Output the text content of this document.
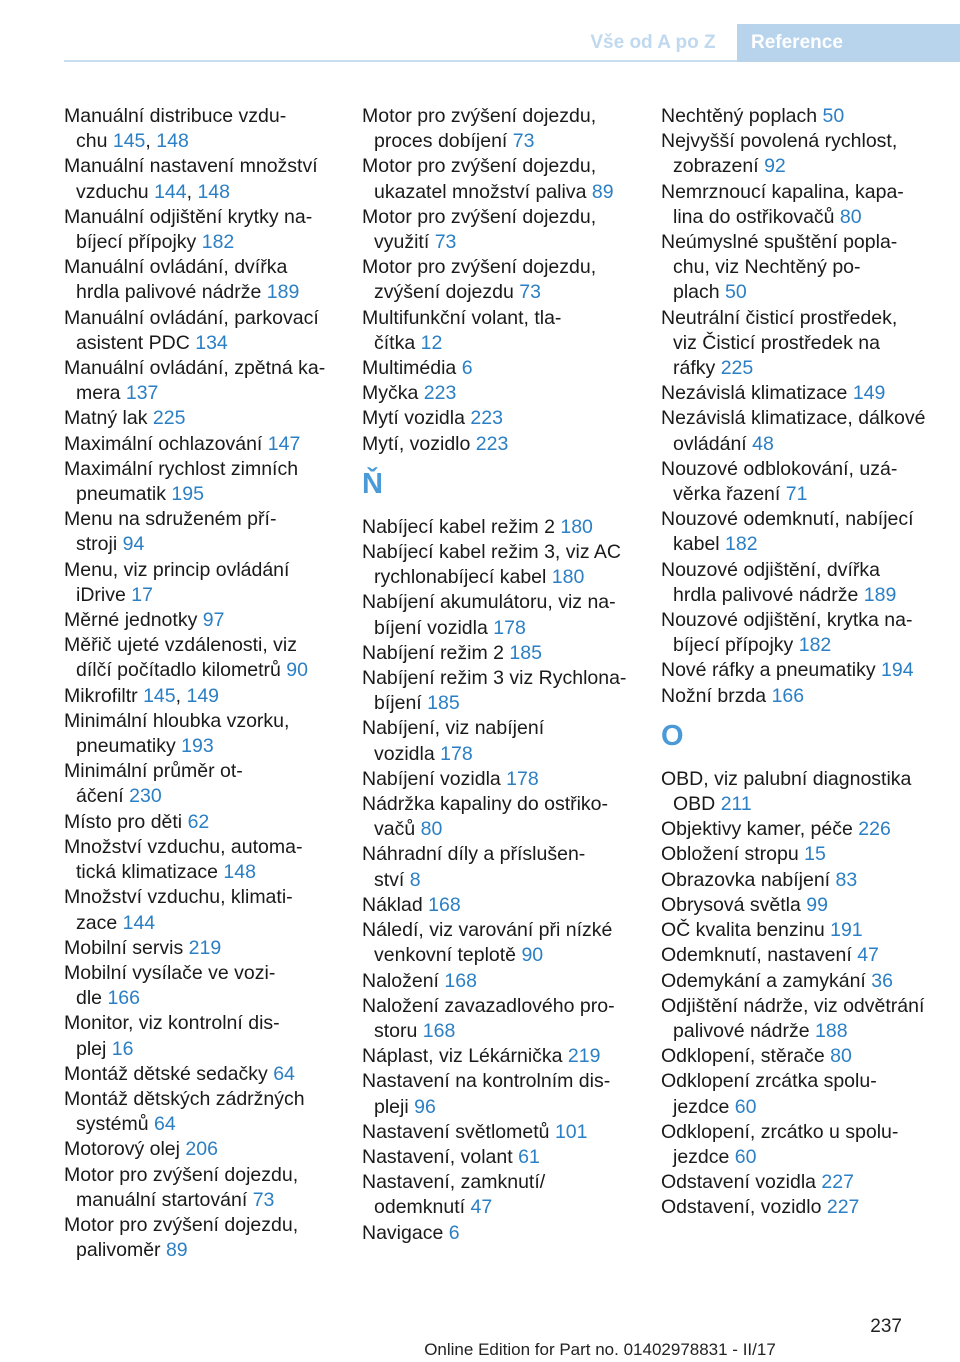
Vše od A po Z	Reference
Manuální distribuce vzdu‐
chu 145, 148
Manuální nastavení množství
vzduchu 144, 148
Manuální odjištění krytky na‐
bíjecí přípojky 182
Manuální ovládání, dvířka
hrdla palivové nádrže 189
Manuální ovládání, parkovací
asistent PDC 134
Manuální ovládání, zpětná ka‐
mera 137
Matný lak 225
Maximální ochlazování 147
Maximální rychlost zimních
pneumatik 195
Menu na sdruženém pří‐
stroji 94
Menu, viz princip ovládání
iDrive 17
Měrné jednotky 97
Měřič ujeté vzdálenosti, viz
dílčí počítadlo kilometrů 90
Mikrofiltr 145, 149
Minimální hloubka vzorku,
pneumatiky 193
Minimální průměr ot‐
áčení 230
Místo pro děti 62
Množství vzduchu, automa‐
tická klimatizace 148
Množství vzduchu, klimati‐
zace 144
Mobilní servis 219
Mobilní vysílače ve vozi‐
dle 166
Monitor, viz kontrolní dis‐
plej 16
Montáž dětské sedačky 64
Montáž dětských zádržných
systémů 64
Motorový olej 206
Motor pro zvýšení dojezdu,
manuální startování 73
Motor pro zvýšení dojezdu,
palivoměr 89
Motor pro zvýšení dojezdu,
proces dobíjení 73
Motor pro zvýšení dojezdu,
ukazatel množství paliva 89
Motor pro zvýšení dojezdu,
využití 73
Motor pro zvýšení dojezdu,
zvýšení dojezdu 73
Multifunkční volant, tla‐
čítka 12
Multimédia 6
Myčka 223
Mytí vozidla 223
Mytí, vozidlo 223
Ň
Nabíjecí kabel režim 2 180
Nabíjecí kabel režim 3, viz AC
rychlonabíjecí kabel 180
Nabíjení akumulátoru, viz na‐
bíjení vozidla 178
Nabíjení režim 2 185
Nabíjení režim 3 viz Rychlona‐
bíjení 185
Nabíjení, viz nabíjení
vozidla 178
Nabíjení vozidla 178
Nádržka kapaliny do ostřiko‐
vačů 80
Náhradní díly a příslušen‐
ství 8
Náklad 168
Náledí, viz varování při nízké
venkovní teplotě 90
Naložení 168
Naložení zavazadlového pro‐
storu 168
Náplast, viz Lékárnička 219
Nastavení na kontrolním dis‐
pleji 96
Nastavení světlometů 101
Nastavení, volant 61
Nastavení, zamknutí/
odemknutí 47
Navigace 6
Nechtěný poplach 50
Nejvyšší povolená rychlost,
zobrazení 92
Nemrznoucí kapalina, kapa‐
lina do ostřikovačů 80
Neúmyslné spuštění popla‐
chu, viz Nechtěný po‐
plach 50
Neutrální čisticí prostředek,
viz Čisticí prostředek na
ráfky 225
Nezávislá klimatizace 149
Nezávislá klimatizace, dálkové
ovládání 48
Nouzové odblokování, uzá‐
věrka řazení 71
Nouzové odemknutí, nabíjecí
kabel 182
Nouzové odjištění, dvířka
hrdla palivové nádrže 189
Nouzové odjištění, krytka na‐
bíjecí přípojky 182
Nové ráfky a pneumatiky 194
Nožní brzda 166
O
OBD, viz palubní diagnostika
OBD 211
Objektivy kamer, péče 226
Obložení stropu 15
Obrazovka nabíjení 83
Obrysová světla 99
OČ kvalita benzinu 191
Odemknutí, nastavení 47
Odemykání a zamykání 36
Odjištění nádrže, viz odvětrání
palivové nádrže 188
Odklopení, stěrače 80
Odklopení zrcátka spolu‐
jezdce 60
Odklopení, zrcátko u spolu‐
jezdce 60
Odstavení vozidla 227
Odstavení, vozidlo 227
237
Online Edition for Part no. 01402978831 - II/17
